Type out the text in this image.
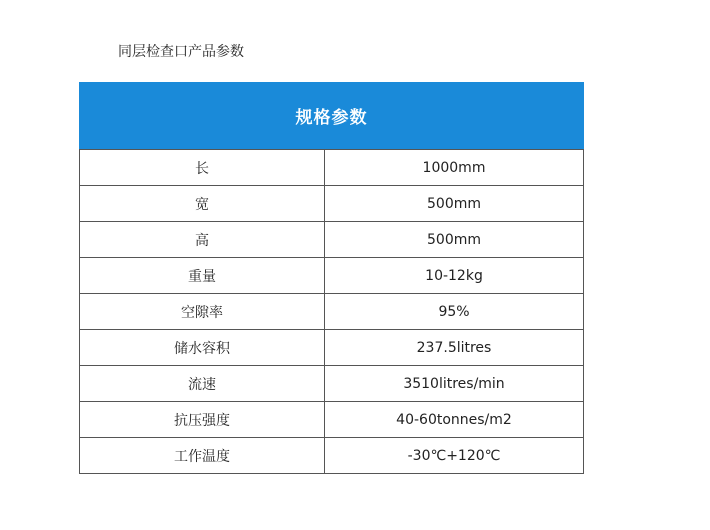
同层检查口产品参数
规格参数
长	1000mm
宽	500mm
高	500mm
重量	10-12kg
空隙率	95%
储水容积	237.5litres
流速	3510litres/min
抗压强度	40-60tonnes/m2
工作温度	-30℃+120℃
